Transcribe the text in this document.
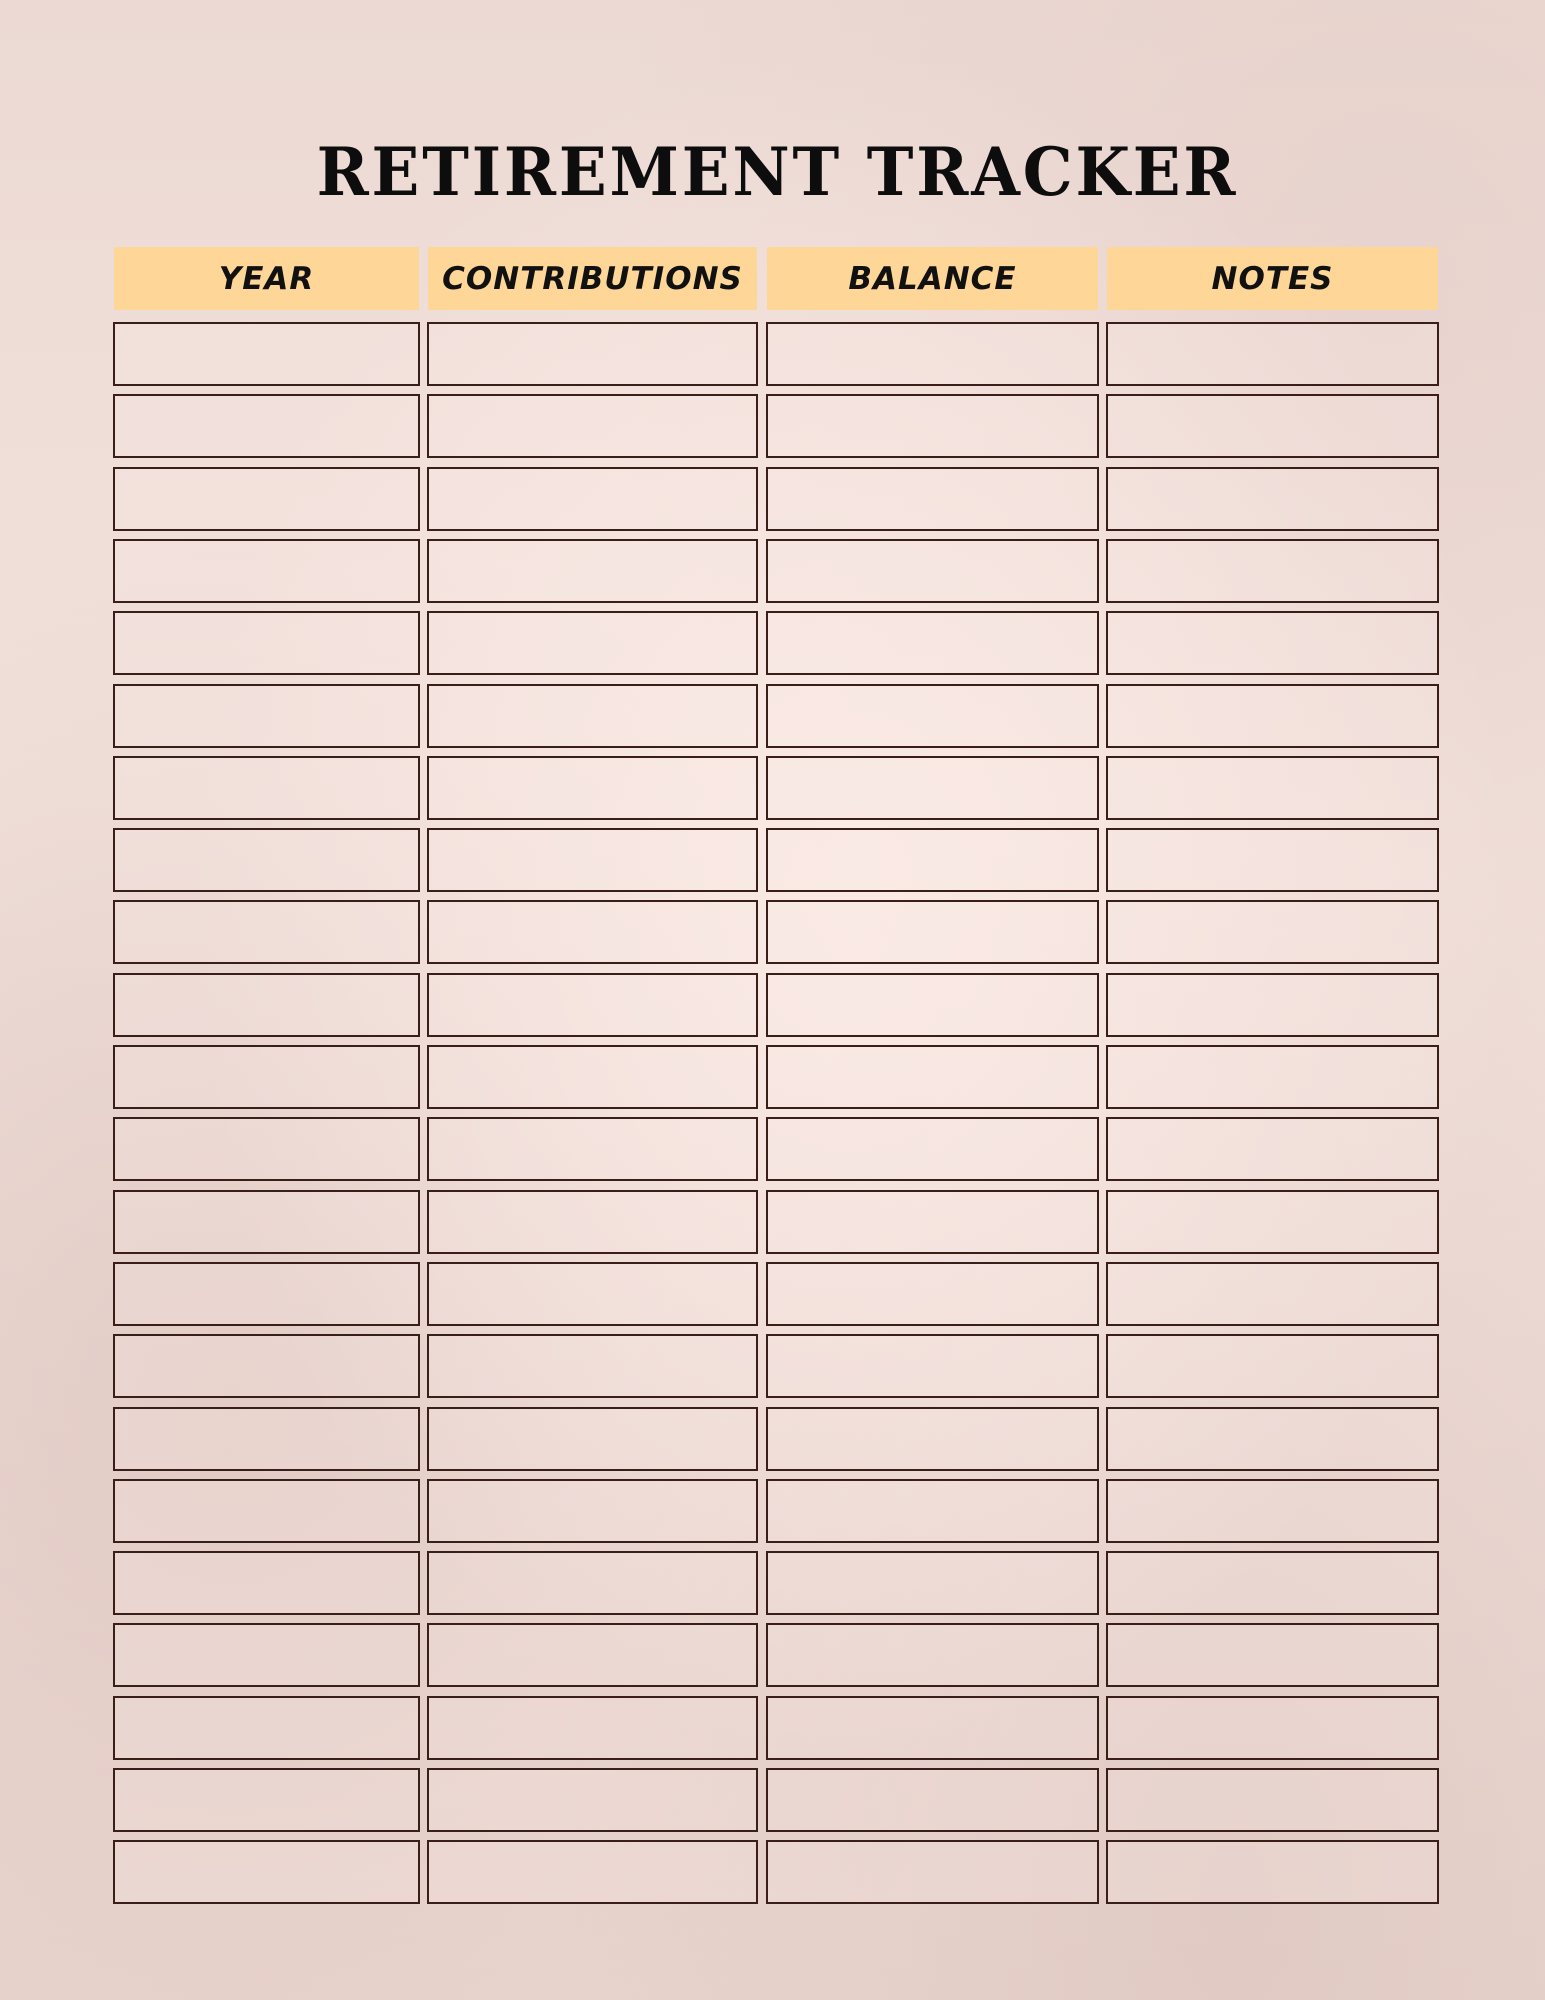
RETIREMENT TRACKER
YEAR	CONTRIBUTIONS	BALANCE	NOTES
